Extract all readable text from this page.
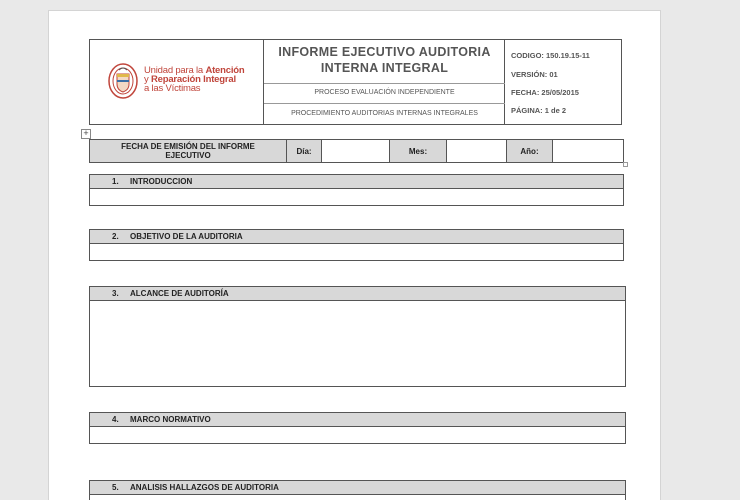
Unidad para la Atención
y Reparación Integral
a las Víctimas
INFORME EJECUTIVO AUDITORIA
INTERNA INTEGRAL
PROCESO EVALUACIÓN INDEPENDIENTE
PROCEDIMIENTO AUDITORIAS INTERNAS INTEGRALES
CODIGO: 150.19.15-11
VERSIÓN: 01
FECHA: 25/05/2015
PÁGINA: 1 de 2
+
FECHA DE EMISIÓN DEL INFORME EJECUTIVO	Día:	Mes:	Año:
1.	INTRODUCCION
2.	OBJETIVO DE LA AUDITORIA
3.	ALCANCE DE AUDITORÍA
4.	MARCO NORMATIVO
5.	ANALISIS HALLAZGOS DE AUDITORIA
